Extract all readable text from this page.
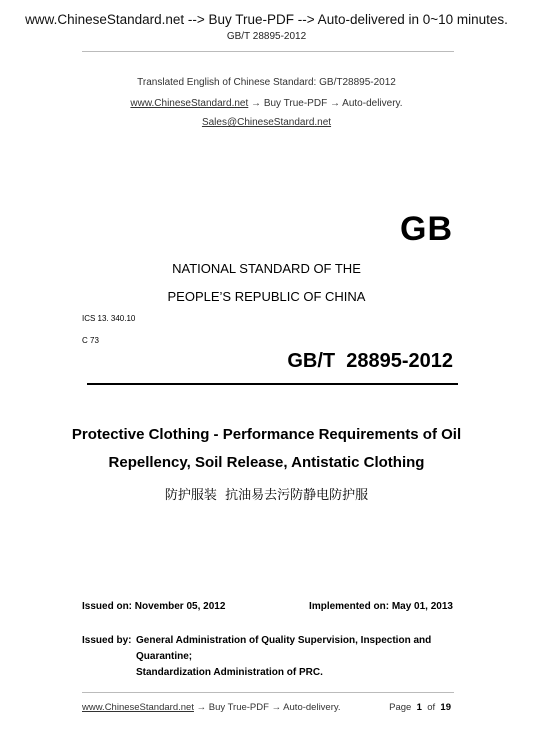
www.ChineseStandard.net --> Buy True-PDF --> Auto-delivered in 0~10 minutes.
GB/T 28895-2012
Translated English of Chinese Standard: GB/T28895-2012
www.ChineseStandard.net → Buy True-PDF → Auto-delivery.
Sales@ChineseStandard.net
GB
NATIONAL STANDARD OF THE
PEOPLE’S REPUBLIC OF CHINA
ICS 13. 340.10
C 73
GB/T  28895-2012
Protective Clothing - Performance Requirements of Oil
Repellency, Soil Release, Antistatic Clothing
防护服装  抗油易去污防静电防护服
Issued on: November 05, 2012	Implemented on: May 01, 2013
Issued by: General Administration of Quality Supervision, Inspection and
Quarantine;
Standardization Administration of PRC.
www.ChineseStandard.net → Buy True-PDF → Auto-delivery.	Page 1 of 19
